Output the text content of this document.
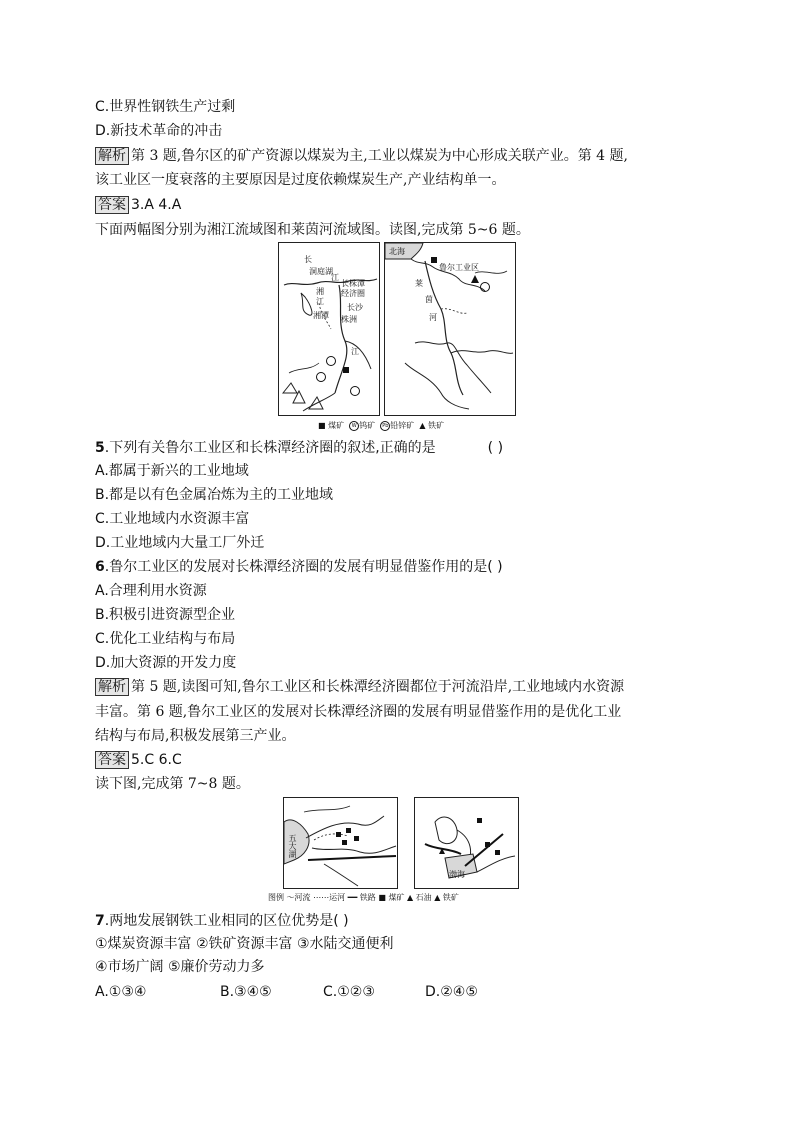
C.世界性钢铁生产过剩
D.新技术革命的冲击
解析 第 3 题,鲁尔区的矿产资源以煤炭为主,工业以煤炭为中心形成关联产业。第 4 题,
该工业区一度衰落的主要原因是过度依赖煤炭生产,产业结构单一。
答案 3.A 4.A
下面两幅图分别为湘江流域图和莱茵河流域图。读图,完成第 5~6 题。
长
江
洞庭湖
湘
江
长株潭
经济圈
长沙
株洲
湘潭
江
北海
鲁尔工业区
莱
茵
河
■ 煤矿 W 钨矿 Pb 铅锌矿 ▲ 铁矿
5.下列有关鲁尔工业区和长株潭经济圈的叙述,正确的是	( )
A.都属于新兴的工业地域
B.都是以有色金属冶炼为主的工业地域
C.工业地域内水资源丰富
D.工业地域内大量工厂外迁
6.鲁尔工业区的发展对长株潭经济圈的发展有明显借鉴作用的是( )
A.合理利用水资源
B.积极引进资源型企业
C.优化工业结构与布局
D.加大资源的开发力度
解析 第 5 题,读图可知,鲁尔工业区和长株潭经济圈都位于河流沿岸,工业地域内水资源
丰富。第 6 题,鲁尔工业区的发展对长株潭经济圈的发展有明显借鉴作用的是优化工业
结构与布局,积极发展第三产业。
答案 5.C 6.C
读下图,完成第 7~8 题。
五大湖
渤海
图例 ～河流 ⋯⋯运河 ━━ 铁路 ■ 煤矿 ▲ 石油 ▲ 铁矿
7.两地发展钢铁工业相同的区位优势是( )
①煤炭资源丰富 ②铁矿资源丰富 ③水陆交通便利
④市场广阔 ⑤廉价劳动力多
A.①③④	B.③④⑤	C.①②③	D.②④⑤
